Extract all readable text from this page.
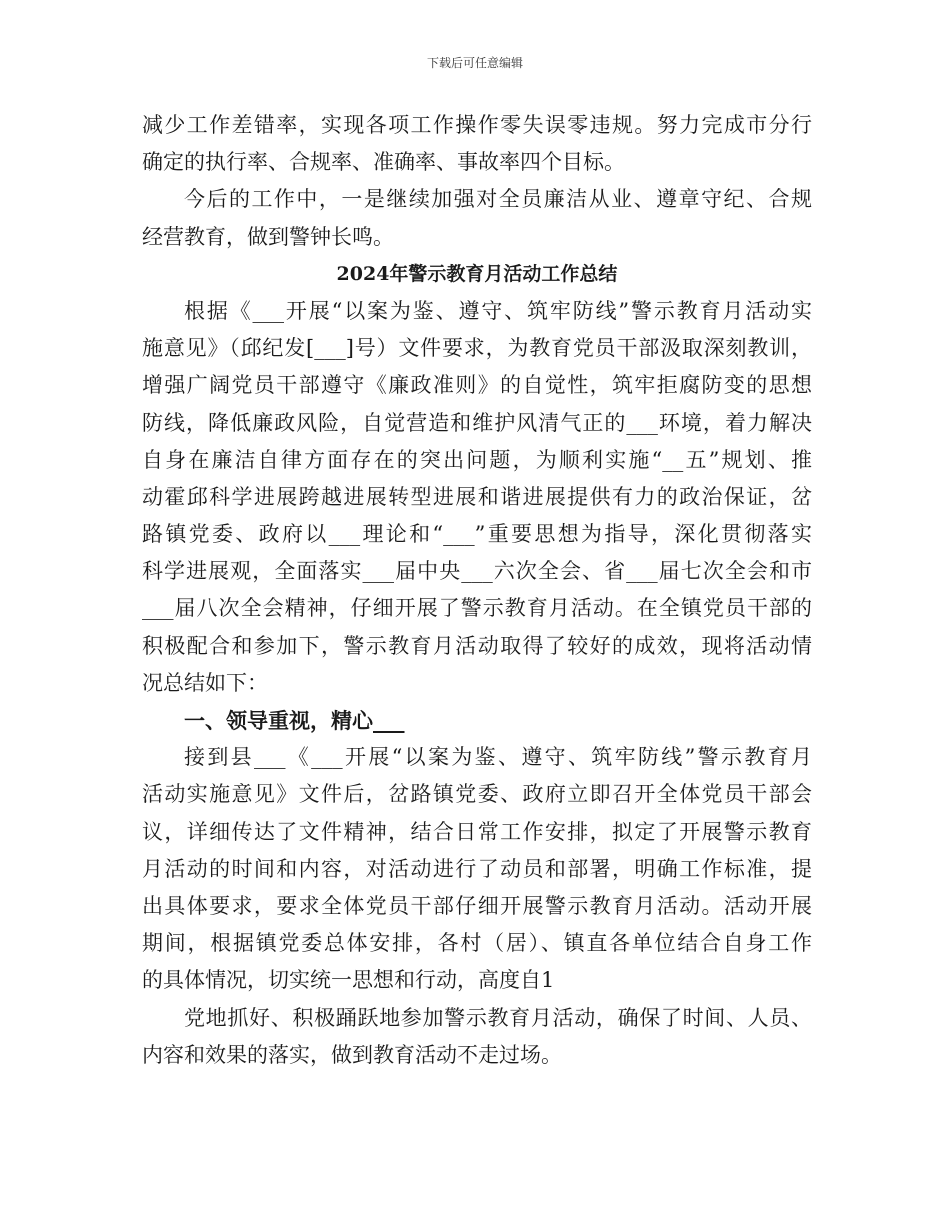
下载后可任意编辑
减少工作差错率，实现各项工作操作零失误零违规。努力完成市分行
确定的执行率、合规率、准确率、事故率四个目标。
今后的工作中，一是继续加强对全员廉洁从业、遵章守纪、合规
经营教育，做到警钟长鸣。
2024年警示教育月活动工作总结
根据《___开展“以案为鉴、遵守、筑牢防线”警示教育月活动实
施意见》（邱纪发[___]号）文件要求，为教育党员干部汲取深刻教训，
增强广阔党员干部遵守《廉政准则》的自觉性，筑牢拒腐防变的思想
防线，降低廉政风险，自觉营造和维护风清气正的___环境，着力解决
自身在廉洁自律方面存在的突出问题，为顺利实施“__五”规划、推
动霍邱科学进展跨越进展转型进展和谐进展提供有力的政治保证，岔
路镇党委、政府以___理论和“___”重要思想为指导，深化贯彻落实
科学进展观，全面落实___届中央___六次全会、省___届七次全会和市
___届八次全会精神，仔细开展了警示教育月活动。在全镇党员干部的
积极配合和参加下，警示教育月活动取得了较好的成效，现将活动情
况总结如下：
一、领导重视，精心___
接到县___《___开展“以案为鉴、遵守、筑牢防线”警示教育月
活动实施意见》文件后，岔路镇党委、政府立即召开全体党员干部会
议，详细传达了文件精神，结合日常工作安排，拟定了开展警示教育
月活动的时间和内容，对活动进行了动员和部署，明确工作标准，提
出具体要求，要求全体党员干部仔细开展警示教育月活动。活动开展
期间，根据镇党委总体安排，各村（居）、镇直各单位结合自身工作
的具体情况，切实统一思想和行动，高度自1
党地抓好、积极踊跃地参加警示教育月活动，确保了时间、人员、
内容和效果的落实，做到教育活动不走过场。
